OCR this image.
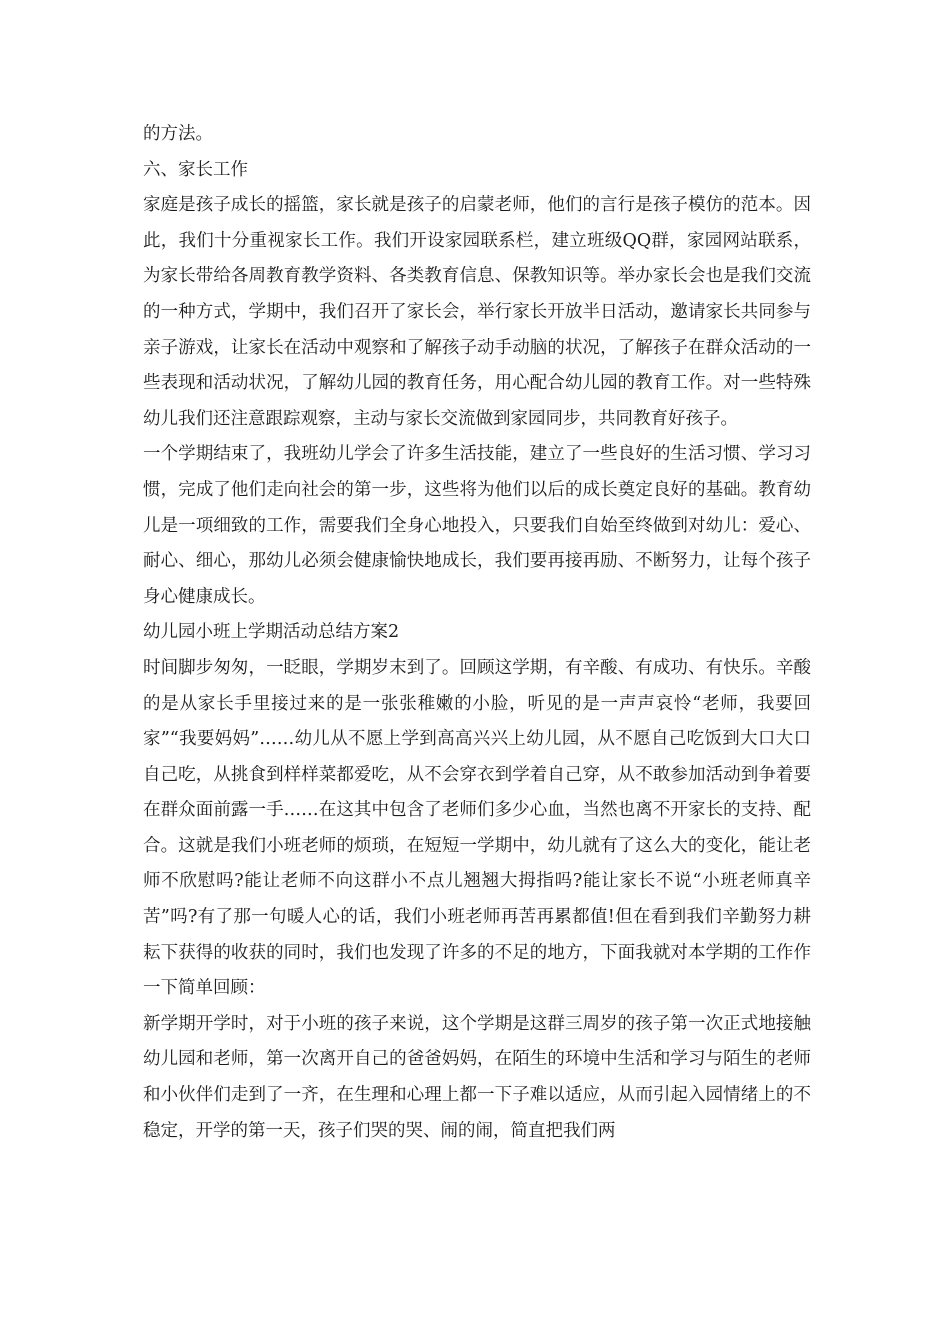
的方法。

六、家长工作

家庭是孩子成长的摇篮，家长就是孩子的启蒙老师，他们的言行是孩子模仿的范本。因此，我们十分重视家长工作。我们开设家园联系栏，建立班级QQ群，家园网站联系，为家长带给各周教育教学资料、各类教育信息、保教知识等。举办家长会也是我们交流的一种方式，学期中，我们召开了家长会，举行家长开放半日活动，邀请家长共同参与亲子游戏，让家长在活动中观察和了解孩子动手动脑的状况，了解孩子在群众活动的一些表现和活动状况，了解幼儿园的教育任务，用心配合幼儿园的教育工作。对一些特殊幼儿我们还注意跟踪观察，主动与家长交流做到家园同步，共同教育好孩子。

一个学期结束了，我班幼儿学会了许多生活技能，建立了一些良好的生活习惯、学习习惯，完成了他们走向社会的第一步，这些将为他们以后的成长奠定良好的基础。教育幼儿是一项细致的工作，需要我们全身心地投入，只要我们自始至终做到对幼儿：爱心、耐心、细心，那幼儿必须会健康愉快地成长，我们要再接再励、不断努力，让每个孩子身心健康成长。

幼儿园小班上学期活动总结方案2

时间脚步匆匆，一眨眼，学期岁末到了。回顾这学期，有辛酸、有成功、有快乐。辛酸的是从家长手里接过来的是一张张稚嫩的小脸，听见的是一声声哀怜“老师，我要回家”“我要妈妈”……幼儿从不愿上学到高高兴兴上幼儿园，从不愿自己吃饭到大口大口自己吃，从挑食到样样菜都爱吃，从不会穿衣到学着自己穿，从不敢参加活动到争着要在群众面前露一手……在这其中包含了老师们多少心血，当然也离不开家长的支持、配合。这就是我们小班老师的烦琐，在短短一学期中，幼儿就有了这么大的变化，能让老师不欣慰吗?能让老师不向这群小不点儿翘翘大拇指吗?能让家长不说“小班老师真辛苦”吗?有了那一句暖人心的话，我们小班老师再苦再累都值!但在看到我们辛勤努力耕耘下获得的收获的同时，我们也发现了许多的不足的地方，下面我就对本学期的工作作一下简单回顾：

新学期开学时，对于小班的孩子来说，这个学期是这群三周岁的孩子第一次正式地接触幼儿园和老师，第一次离开自己的爸爸妈妈，在陌生的环境中生活和学习与陌生的老师和小伙伴们走到了一齐，在生理和心理上都一下子难以适应，从而引起入园情绪上的不稳定，开学的第一天，孩子们哭的哭、闹的闹，简直把我们两
